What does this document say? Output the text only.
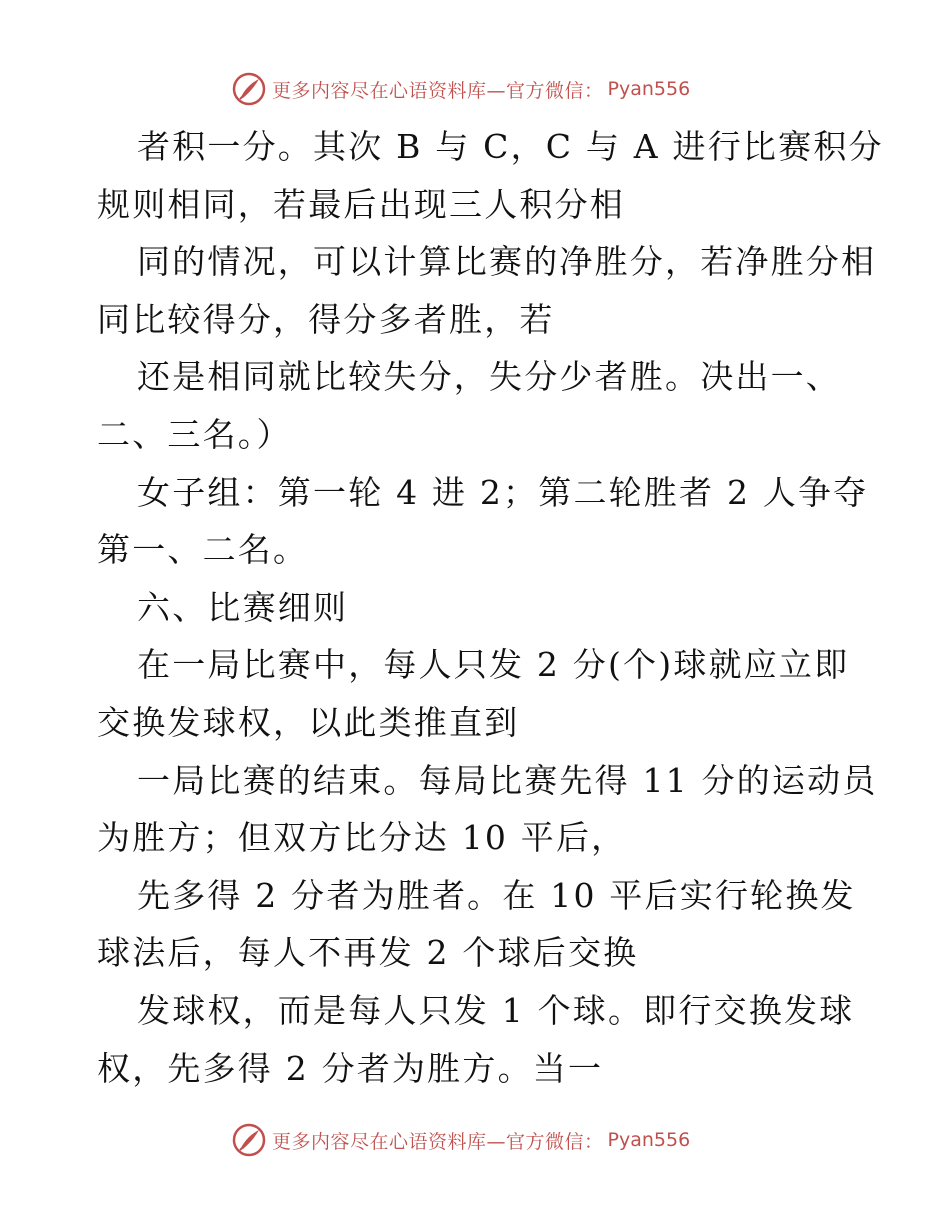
更多内容尽在心语资料库—官方微信： Pyan556
者积一分。其次 B 与 C，C 与 A 进行比赛积分
规则相同，若最后出现三人积分相
同的情况，可以计算比赛的净胜分，若净胜分相
同比较得分，得分多者胜，若
还是相同就比较失分，失分少者胜。决出一、
二、三名。）
女子组：第一轮 4 进 2；第二轮胜者 2 人争夺
第一、二名。
六、比赛细则
在一局比赛中，每人只发 2 分(个)球就应立即
交换发球权，以此类推直到
一局比赛的结束。每局比赛先得 11 分的运动员
为胜方；但双方比分达 10 平后，
先多得 2 分者为胜者。在 10 平后实行轮换发
球法后，每人不再发 2 个球后交换
发球权，而是每人只发 1 个球。即行交换发球
权，先多得 2 分者为胜方。当一
更多内容尽在心语资料库—官方微信： Pyan556
